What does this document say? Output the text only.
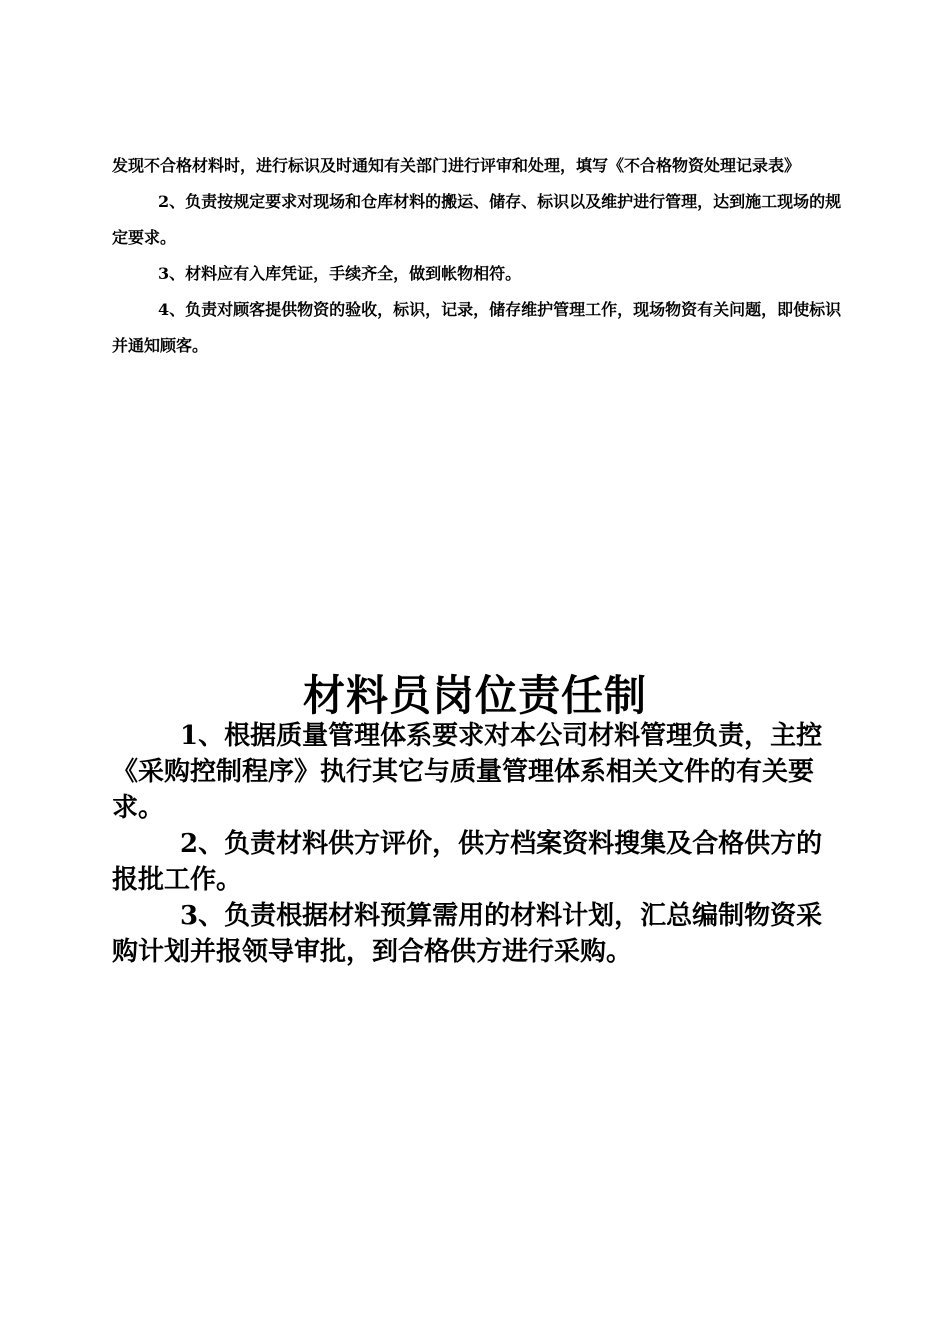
发现不合格材料时，进行标识及时通知有关部门进行评审和处理，填写《不合格物资处理记录表》

2、负责按规定要求对现场和仓库材料的搬运、储存、标识以及维护进行管理，达到施工现场的规定要求。

3、材料应有入库凭证，手续齐全，做到帐物相符。

4、负责对顾客提供物资的验收，标识，记录，储存维护管理工作，现场物资有关问题，即使标识并通知顾客。

材料员岗位责任制

1、根据质量管理体系要求对本公司材料管理负责，主控《采购控制程序》执行其它与质量管理体系相关文件的有关要求。

2、负责材料供方评价，供方档案资料搜集及合格供方的报批工作。

3、负责根据材料预算需用的材料计划，汇总编制物资采购计划并报领导审批，到合格供方进行采购。
